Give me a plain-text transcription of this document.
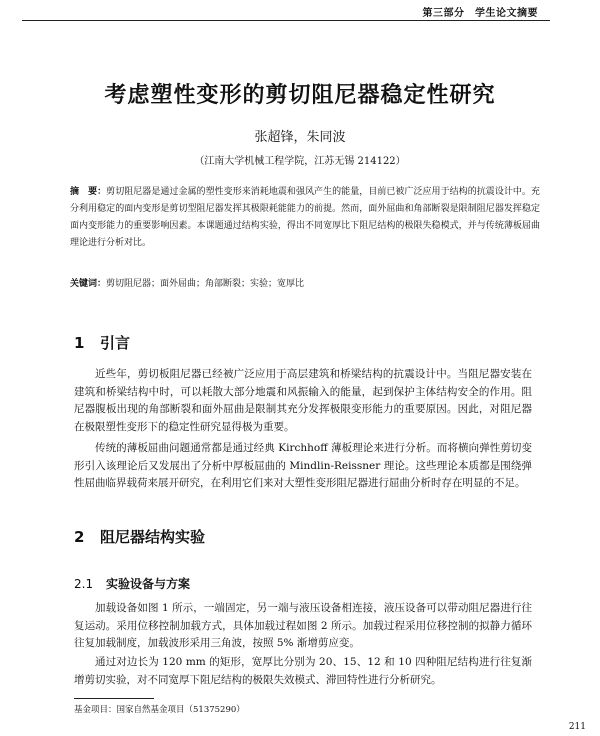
第三部分　学生论文摘要
考虑塑性变形的剪切阻尼器稳定性研究
张超锋，朱同波
（江南大学机械工程学院，江苏无锡 214122）
摘　要：剪切阻尼器是通过金属的塑性变形来消耗地震和强风产生的能量，目前已被广泛应用于结构的抗震设计中。充分利用稳定的面内变形是剪切型阻尼器发挥其极限耗能能力的前提。然而，面外屈曲和角部断裂是限制阻尼器发挥稳定面内变形能力的重要影响因素。本课题通过结构实验，得出不同宽厚比下阻尼结构的极限失稳模式，并与传统薄板屈曲理论进行分析对比。
关键词：剪切阻尼器；面外屈曲；角部断裂；实验；宽厚比
1 引言
近些年，剪切板阻尼器已经被广泛应用于高层建筑和桥梁结构的抗震设计中。当阻尼器安装在建筑和桥梁结构中时，可以耗散大部分地震和风振输入的能量，起到保护主体结构安全的作用。阻尼器腹板出现的角部断裂和面外屈曲是限制其充分发挥极限变形能力的重要原因。因此，对阻尼器在极限塑性变形下的稳定性研究显得极为重要。
传统的薄板屈曲问题通常都是通过经典 Kirchhoff 薄板理论来进行分析。而将横向弹性剪切变形引入该理论后又发展出了分析中厚板屈曲的 Mindlin-Reissner 理论。这些理论本质都是围绕弹性屈曲临界载荷来展开研究，在利用它们来对大塑性变形阻尼器进行屈曲分析时存在明显的不足。
2 阻尼器结构实验
2.1 实验设备与方案
加载设备如图 1 所示，一端固定，另一端与液压设备相连接，液压设备可以带动阻尼器进行往复运动。采用位移控制加载方式，具体加载过程如图 2 所示。加载过程采用位移控制的拟静力循环往复加载制度，加载波形采用三角波，按照 5% 渐增剪应变。
通过对边长为 120 mm 的矩形，宽厚比分别为 20、15、12 和 10 四种阻尼结构进行往复渐增剪切实验，对不同宽厚下阻尼结构的极限失效模式、滞回特性进行分析研究。
基金项目：国家自然基金项目（51375290）
211
